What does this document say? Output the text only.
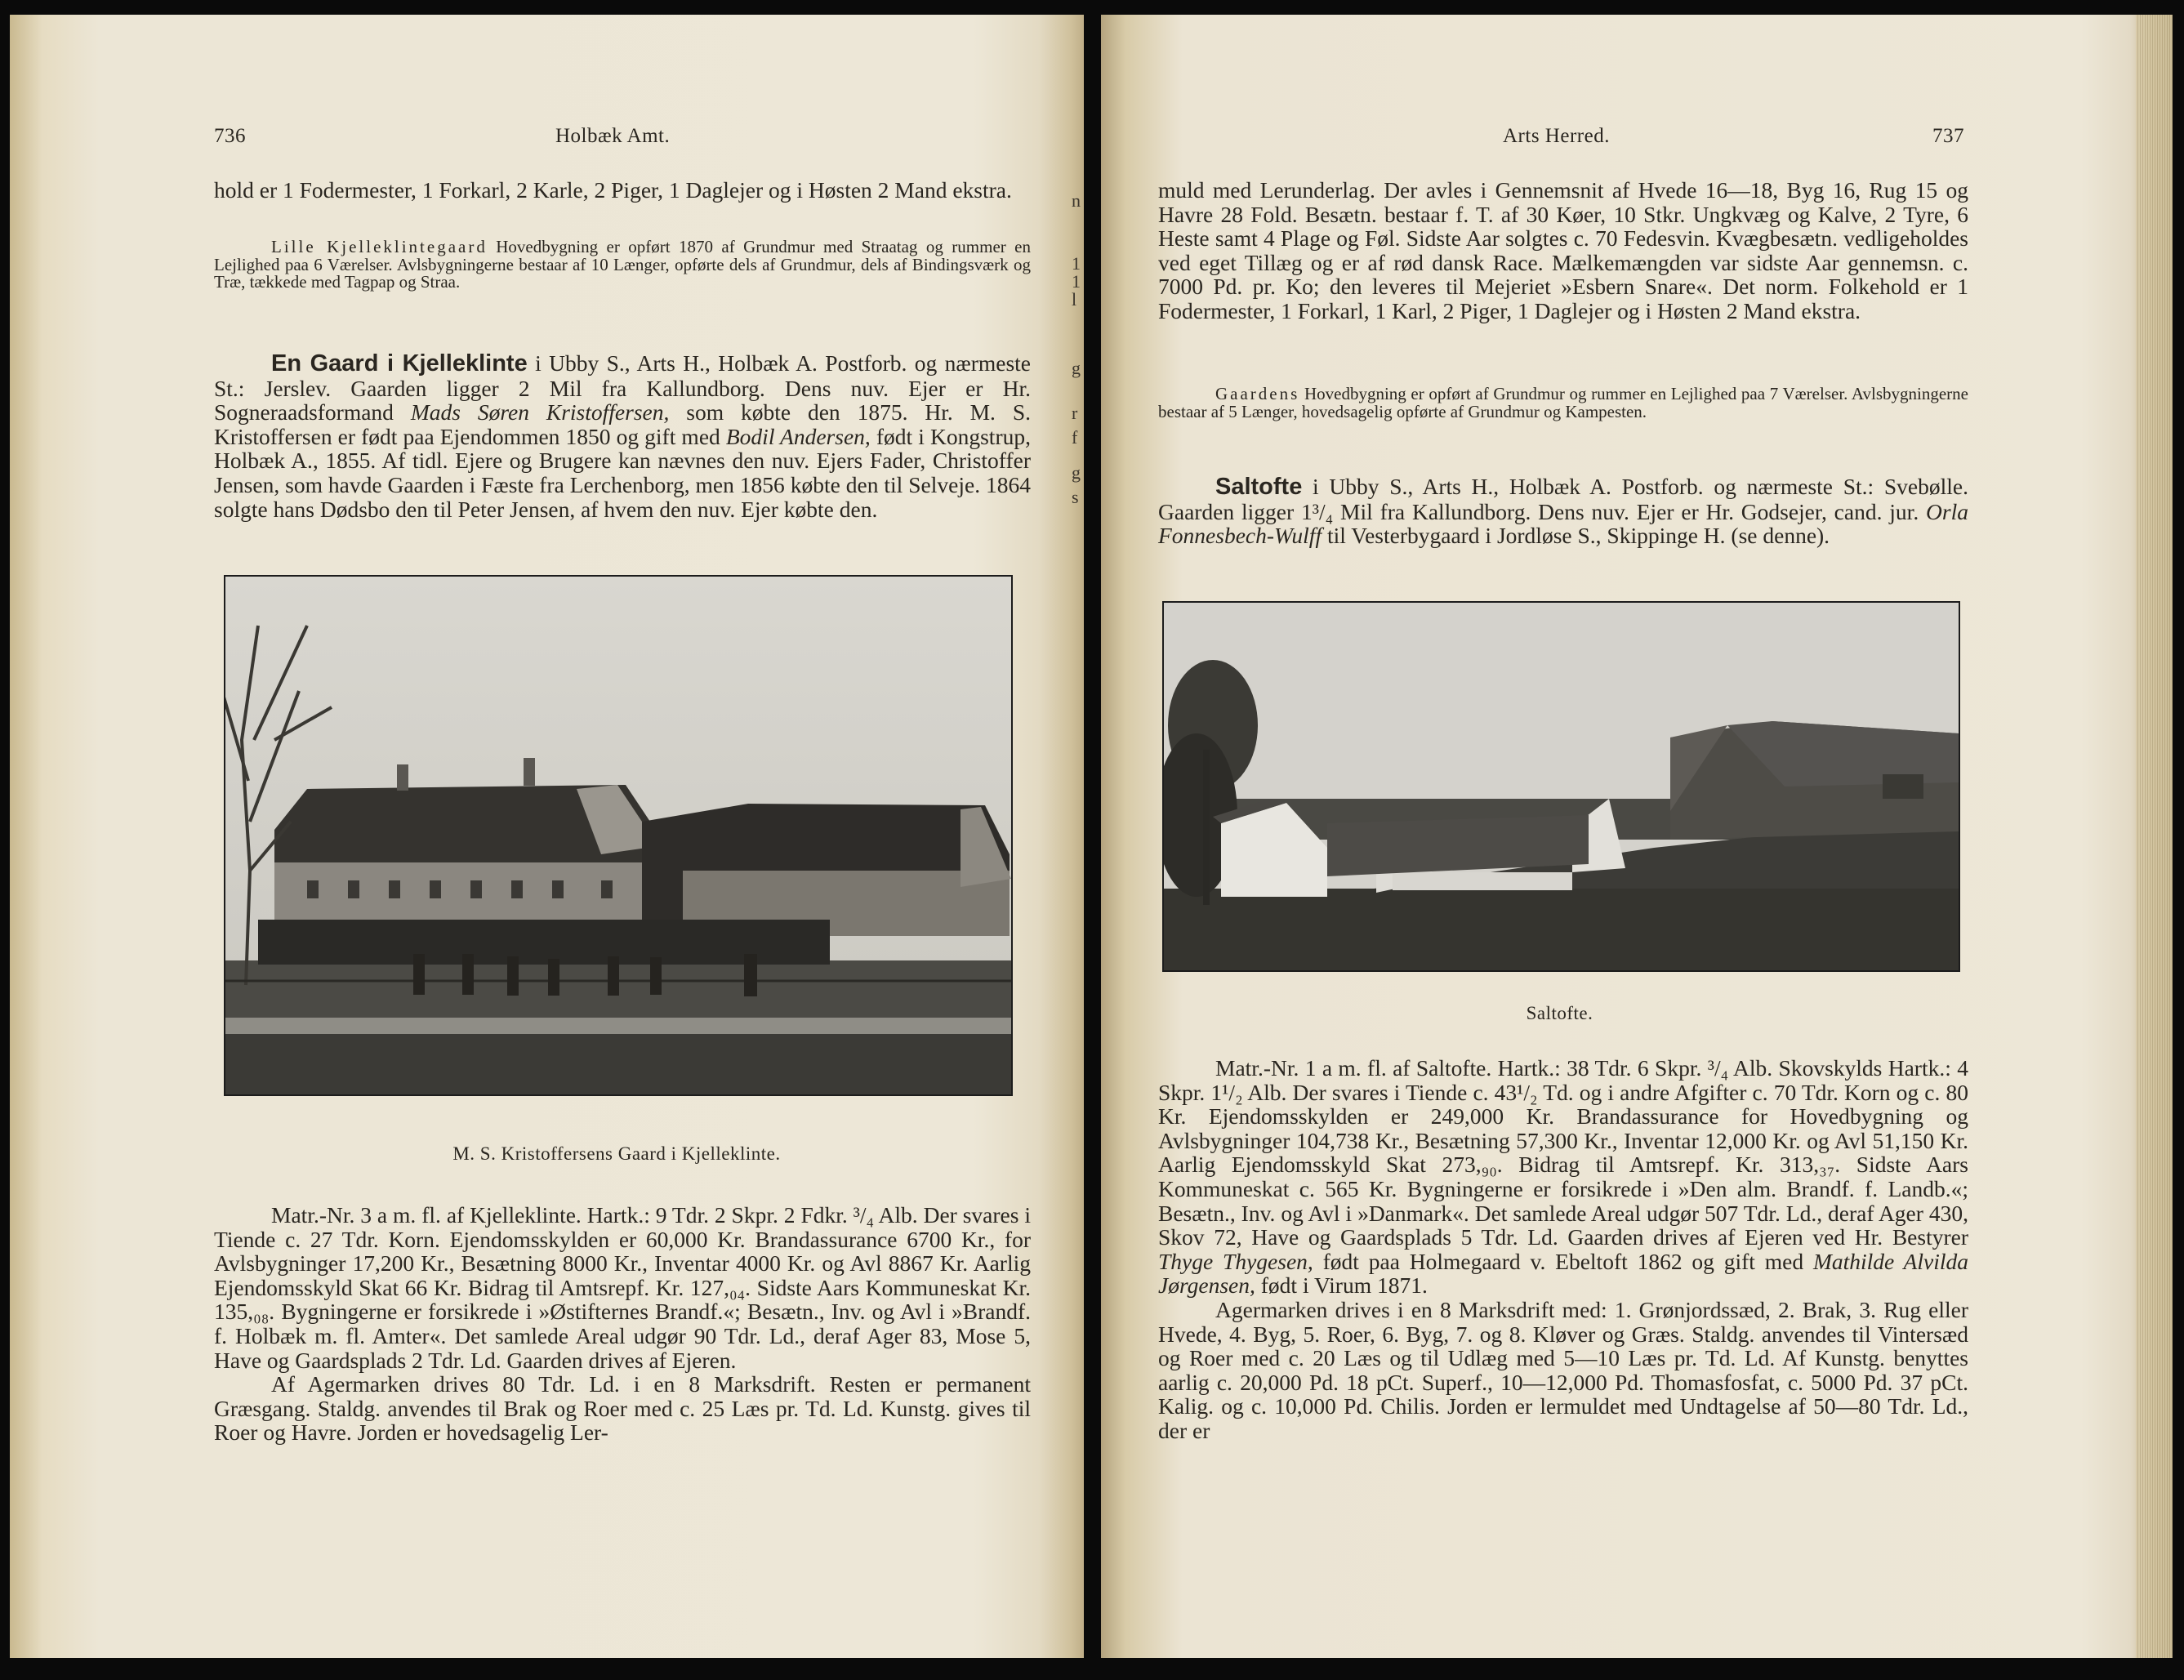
736	Holbæk Amt.

hold er 1 Fodermester, 1 Forkarl, 2 Karle, 2 Piger, 1 Daglejer og i Høsten 2 Mand ekstra.

Lille Kjelleklintegaard Hovedbygning er opført 1870 af Grundmur med Straatag og rummer en Lejlighed paa 6 Værelser. Avlsbygningerne bestaar af 10 Længer, opførte dels af Grundmur, dels af Bindingsværk og Træ, tækkede med Tagpap og Straa.

En Gaard i Kjelleklinte i Ubby S., Arts H., Holbæk A. Postforb. og nærmeste St.: Jerslev. Gaarden ligger 2 Mil fra Kallundborg. Dens nuv. Ejer er Hr. Sogneraadsformand Mads Søren Kristoffersen, som købte den 1875. Hr. M. S. Kristoffersen er født paa Ejendommen 1850 og gift med Bodil Andersen, født i Kongstrup, Holbæk A., 1855. Af tidl. Ejere og Brugere kan nævnes den nuv. Ejers Fader, Christoffer Jensen, som havde Gaarden i Fæste fra Lerchenborg, men 1856 købte den til Selveje. 1864 solgte hans Dødsbo den til Peter Jensen, af hvem den nuv. Ejer købte den.

M. S. Kristoffersens Gaard i Kjelleklinte.

Matr.-Nr. 3 a m. fl. af Kjelleklinte. Hartk.: 9 Tdr. 2 Skpr. 2 Fdkr. ³/₄ Alb. Der svares i Tiende c. 27 Tdr. Korn. Ejendomsskylden er 60,000 Kr. Brandassurance 6700 Kr., for Avlsbygninger 17,200 Kr., Besætning 8000 Kr., Inventar 4000 Kr. og Avl 8867 Kr. Aarlig Ejendomsskyld Skat 66 Kr. Bidrag til Amtsrepf. Kr. 127,₀₄. Sidste Aars Kommuneskat Kr. 135,₀₈. Bygningerne er forsikrede i »Østifternes Brandf.«; Besætn., Inv. og Avl i »Brandf. f. Holbæk m. fl. Amter«. Det samlede Areal udgør 90 Tdr. Ld., deraf Ager 83, Mose 5, Have og Gaardsplads 2 Tdr. Ld. Gaarden drives af Ejeren.

Af Agermarken drives 80 Tdr. Ld. i en 8 Marksdrift. Resten er permanent Græsgang. Staldg. anvendes til Brak og Roer med c. 25 Læs pr. Td. Ld. Kunstg. gives til Roer og Havre. Jorden er hovedsagelig Ler-

n
1
1
l
g
r
f
g
s
Arts Herred.	737

muld med Lerunderlag. Der avles i Gennemsnit af Hvede 16—18, Byg 16, Rug 15 og Havre 28 Fold. Besætn. bestaar f. T. af 30 Køer, 10 Stkr. Ungkvæg og Kalve, 2 Tyre, 6 Heste samt 4 Plage og Føl. Sidste Aar solgtes c. 70 Fedesvin. Kvægbesætn. vedligeholdes ved eget Tillæg og er af rød dansk Race. Mælkemængden var sidste Aar gennemsn. c. 7000 Pd. pr. Ko; den leveres til Mejeriet »Esbern Snare«. Det norm. Folkehold er 1 Fodermester, 1 Forkarl, 1 Karl, 2 Piger, 1 Daglejer og i Høsten 2 Mand ekstra.

Gaardens Hovedbygning er opført af Grundmur og rummer en Lejlighed paa 7 Værelser. Avlsbygningerne bestaar af 5 Længer, hovedsagelig opførte af Grundmur og Kampesten.

Saltofte i Ubby S., Arts H., Holbæk A. Postforb. og nærmeste St.: Svebølle. Gaarden ligger 1³/₄ Mil fra Kallundborg. Dens nuv. Ejer er Hr. Godsejer, cand. jur. Orla Fonnesbech-Wulff til Vesterbygaard i Jordløse S., Skippinge H. (se denne).

Saltofte.

Matr.-Nr. 1 a m. fl. af Saltofte. Hartk.: 38 Tdr. 6 Skpr. ³/₄ Alb. Skovskylds Hartk.: 4 Skpr. 1¹/₂ Alb. Der svares i Tiende c. 43¹/₂ Td. og i andre Afgifter c. 70 Tdr. Korn og c. 80 Kr. Ejendomsskylden er 249,000 Kr. Brandassurance for Hovedbygning og Avlsbygninger 104,738 Kr., Besætning 57,300 Kr., Inventar 12,000 Kr. og Avl 51,150 Kr. Aarlig Ejendomsskyld Skat 273,₉₀. Bidrag til Amtsrepf. Kr. 313,₃₇. Sidste Aars Kommuneskat c. 565 Kr. Bygningerne er forsikrede i »Den alm. Brandf. f. Landb.«; Besætn., Inv. og Avl i »Danmark«. Det samlede Areal udgør 507 Tdr. Ld., deraf Ager 430, Skov 72, Have og Gaardsplads 5 Tdr. Ld. Gaarden drives af Ejeren ved Hr. Bestyrer Thyge Thygesen, født paa Holmegaard v. Ebeltoft 1862 og gift med Mathilde Alvilda Jørgensen, født i Virum 1871.

Agermarken drives i en 8 Marksdrift med: 1. Grønjordssæd, 2. Brak, 3. Rug eller Hvede, 4. Byg, 5. Roer, 6. Byg, 7. og 8. Kløver og Græs. Staldg. anvendes til Vintersæd og Roer med c. 20 Læs og til Udlæg med 5—10 Læs pr. Td. Ld. Af Kunstg. benyttes aarlig c. 20,000 Pd. 18 pCt. Superf., 10—12,000 Pd. Thomasfosfat, c. 5000 Pd. 37 pCt. Kalig. og c. 10,000 Pd. Chilis. Jorden er lermuldet med Undtagelse af 50—80 Tdr. Ld., der er
